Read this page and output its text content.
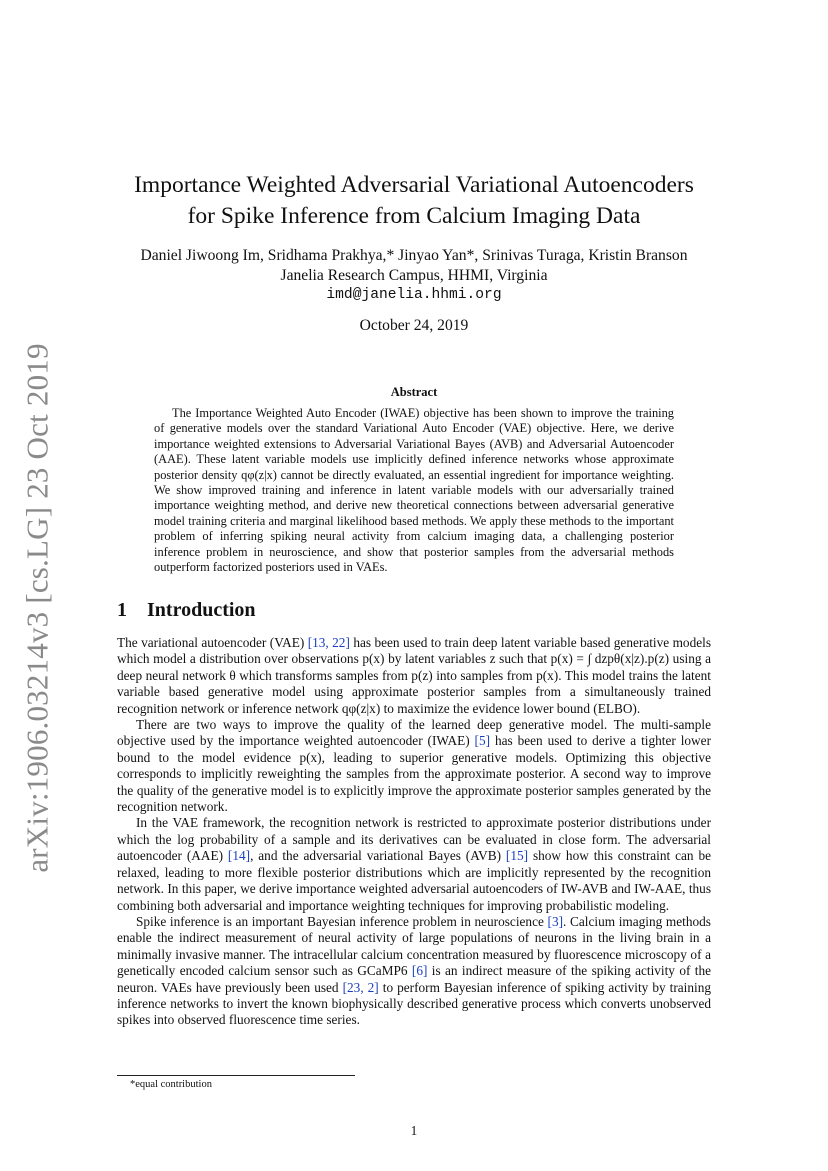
arXiv:1906.03214v3 [cs.LG] 23 Oct 2019
Importance Weighted Adversarial Variational Autoencoders
for Spike Inference from Calcium Imaging Data
Daniel Jiwoong Im, Sridhama Prakhya,* Jinyao Yan*, Srinivas Turaga, Kristin Branson
Janelia Research Campus, HHMI, Virginia
imd@janelia.hhmi.org
October 24, 2019
Abstract
The Importance Weighted Auto Encoder (IWAE) objective has been shown to improve the training of generative models over the standard Variational Auto Encoder (VAE) objective. Here, we derive importance weighted extensions to Adversarial Variational Bayes (AVB) and Adversarial Autoencoder (AAE). These latent variable models use implicitly defined inference networks whose approximate posterior density qφ(z|x) cannot be directly evaluated, an essential ingredient for importance weighting. We show improved training and inference in latent variable models with our adversarially trained importance weighting method, and derive new theoretical connections between adversarial generative model training criteria and marginal likelihood based methods. We apply these methods to the important problem of inferring spiking neural activity from calcium imaging data, a challenging posterior inference problem in neuroscience, and show that posterior samples from the adversarial methods outperform factorized posteriors used in VAEs.
1 Introduction

The variational autoencoder (VAE) [13, 22] has been used to train deep latent variable based generative models which model a distribution over observations p(x) by latent variables z such that p(x) = ∫ dzpθ(x|z).p(z) using a deep neural network θ which transforms samples from p(z) into samples from p(x). This model trains the latent variable based generative model using approximate posterior samples from a simultaneously trained recognition network or inference network qφ(z|x) to maximize the evidence lower bound (ELBO).

There are two ways to improve the quality of the learned deep generative model. The multi-sample objective used by the importance weighted autoencoder (IWAE) [5] has been used to derive a tighter lower bound to the model evidence p(x), leading to superior generative models. Optimizing this objective corresponds to implicitly reweighting the samples from the approximate posterior. A second way to improve the quality of the generative model is to explicitly improve the approximate posterior samples generated by the recognition network.

In the VAE framework, the recognition network is restricted to approximate posterior distributions under which the log probability of a sample and its derivatives can be evaluated in close form. The adversarial autoencoder (AAE) [14], and the adversarial variational Bayes (AVB) [15] show how this constraint can be relaxed, leading to more flexible posterior distributions which are implicitly represented by the recognition network. In this paper, we derive importance weighted adversarial autoencoders of IW-AVB and IW-AAE, thus combining both adversarial and importance weighting techniques for improving probabilistic modeling.

Spike inference is an important Bayesian inference problem in neuroscience [3]. Calcium imaging methods enable the indirect measurement of neural activity of large populations of neurons in the living brain in a minimally invasive manner. The intracellular calcium concentration measured by fluorescence microscopy of a genetically encoded calcium sensor such as GCaMP6 [6] is an indirect measure of the spiking activity of the neuron. VAEs have previously been used [23, 2] to perform Bayesian inference of spiking activity by training inference networks to invert the known biophysically described generative process which converts unobserved spikes into observed fluorescence time series.

*equal contribution
1
